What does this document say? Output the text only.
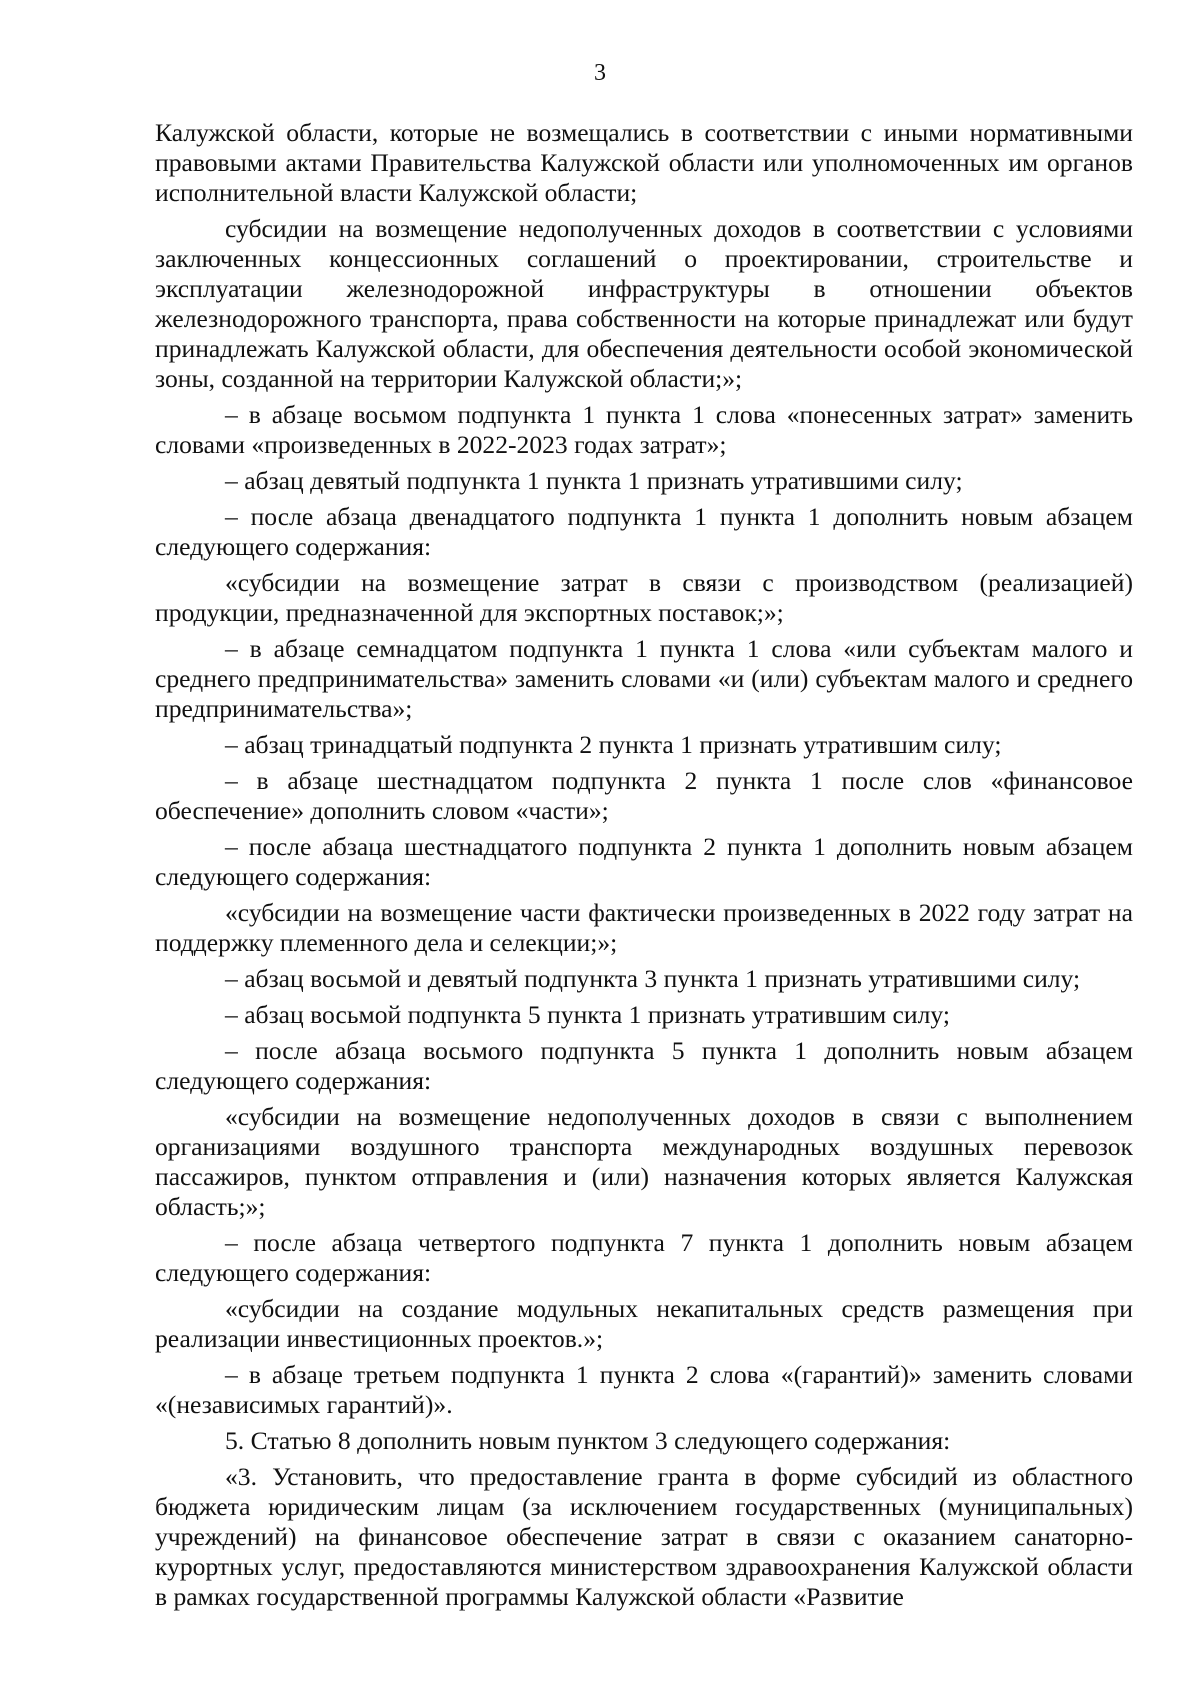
3

Калужской области, которые не возмещались в соответствии с иными нормативными правовыми актами Правительства Калужской области или уполномоченных им органов исполнительной власти Калужской области;

субсидии на возмещение недополученных доходов в соответствии с условиями заключенных концессионных соглашений о проектировании, строительстве и эксплуатации железнодорожной инфраструктуры в отношении объектов железнодорожного транспорта, права собственности на которые принадлежат или будут принадлежать Калужской области, для обеспечения деятельности особой экономической зоны, созданной на территории Калужской области;»;

– в абзаце восьмом подпункта 1 пункта 1 слова «понесенных затрат» заменить словами «произведенных в 2022-2023 годах затрат»;

– абзац девятый подпункта 1 пункта 1 признать утратившими силу;

– после абзаца двенадцатого подпункта 1 пункта 1 дополнить новым абзацем следующего содержания:

«субсидии на возмещение затрат в связи с производством (реализацией) продукции, предназначенной для экспортных поставок;»;

– в абзаце семнадцатом подпункта 1 пункта 1 слова «или субъектам малого и среднего предпринимательства» заменить словами «и (или) субъектам малого и среднего предпринимательства»;

– абзац тринадцатый подпункта 2 пункта 1 признать утратившим силу;

– в абзаце шестнадцатом подпункта 2 пункта 1 после слов «финансовое обеспечение» дополнить словом «части»;

– после абзаца шестнадцатого подпункта 2 пункта 1 дополнить новым абзацем следующего содержания:

«субсидии на возмещение части фактически произведенных в 2022 году затрат на поддержку племенного дела и селекции;»;

– абзац восьмой и девятый подпункта 3 пункта 1 признать утратившими силу;

– абзац восьмой подпункта 5 пункта 1 признать утратившим силу;

– после абзаца восьмого подпункта 5 пункта 1 дополнить новым абзацем следующего содержания:

«субсидии на возмещение недополученных доходов в связи с выполнением организациями воздушного транспорта международных воздушных перевозок пассажиров, пунктом отправления и (или) назначения которых является Калужская область;»;

– после абзаца четвертого подпункта 7 пункта 1 дополнить новым абзацем следующего содержания:

«субсидии на создание модульных некапитальных средств размещения при реализации инвестиционных проектов.»;

– в абзаце третьем подпункта 1 пункта 2 слова «(гарантий)» заменить словами «(независимых гарантий)».

5. Статью 8 дополнить новым пунктом 3 следующего содержания:

«3. Установить, что предоставление гранта в форме субсидий из областного бюджета юридическим лицам (за исключением государственных (муниципальных) учреждений) на финансовое обеспечение затрат в связи с оказанием санаторно-курортных услуг, предоставляются министерством здравоохранения Калужской области в рамках государственной программы Калужской области «Развитие
